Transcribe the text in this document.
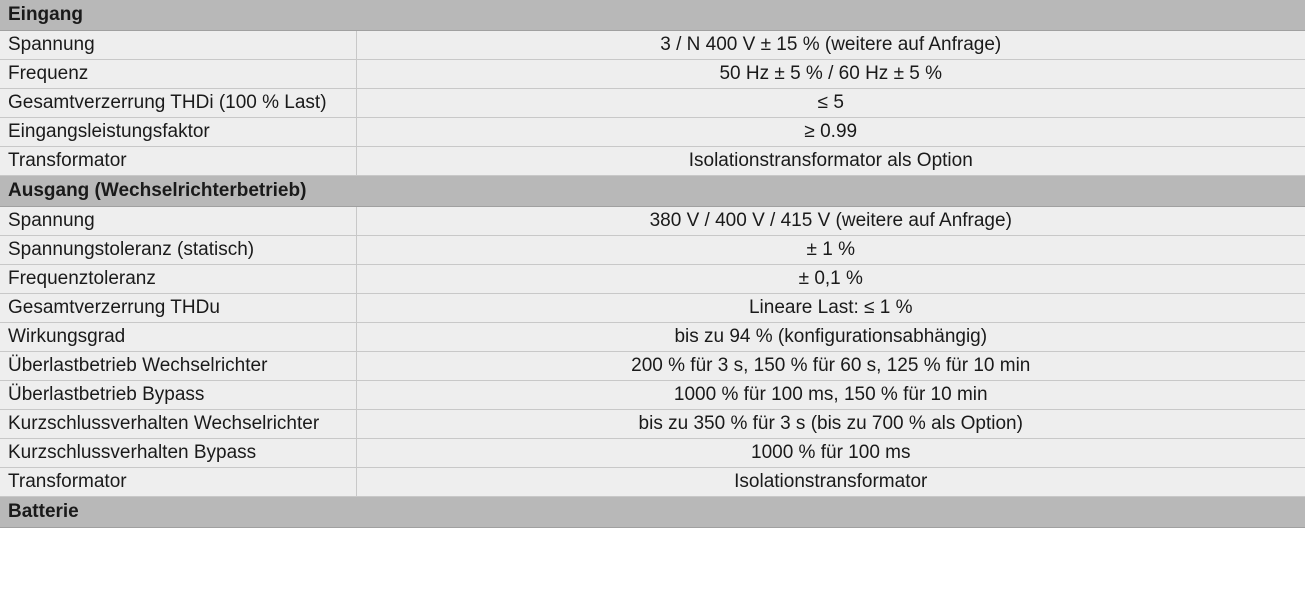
Eingang	
Spannung	3 / N 400 V ± 15 % (weitere auf Anfrage)
Frequenz	50 Hz ± 5 % / 60 Hz ± 5 %
Gesamtverzerrung THDi (100 % Last)	≤ 5
Eingangsleistungsfaktor	≥ 0.99
Transformator	Isolationstransformator als Option
Ausgang (Wechselrichterbetrieb)	
Spannung	380 V / 400 V / 415 V (weitere auf Anfrage)
Spannungstoleranz (statisch)	± 1 %
Frequenztoleranz	± 0,1 %
Gesamtverzerrung THDu	Lineare Last: ≤ 1 %
Wirkungsgrad	bis zu 94 % (konfigurationsabhängig)
Überlastbetrieb Wechselrichter	200 % für 3 s, 150 % für 60 s, 125 % für 10 min
Überlastbetrieb Bypass	1000 % für 100 ms, 150 % für 10 min
Kurzschlussverhalten Wechselrichter	bis zu 350 % für 3 s (bis zu 700 % als Option)
Kurzschlussverhalten Bypass	1000 % für 100 ms
Transformator	Isolationstransformator
Batterie	
